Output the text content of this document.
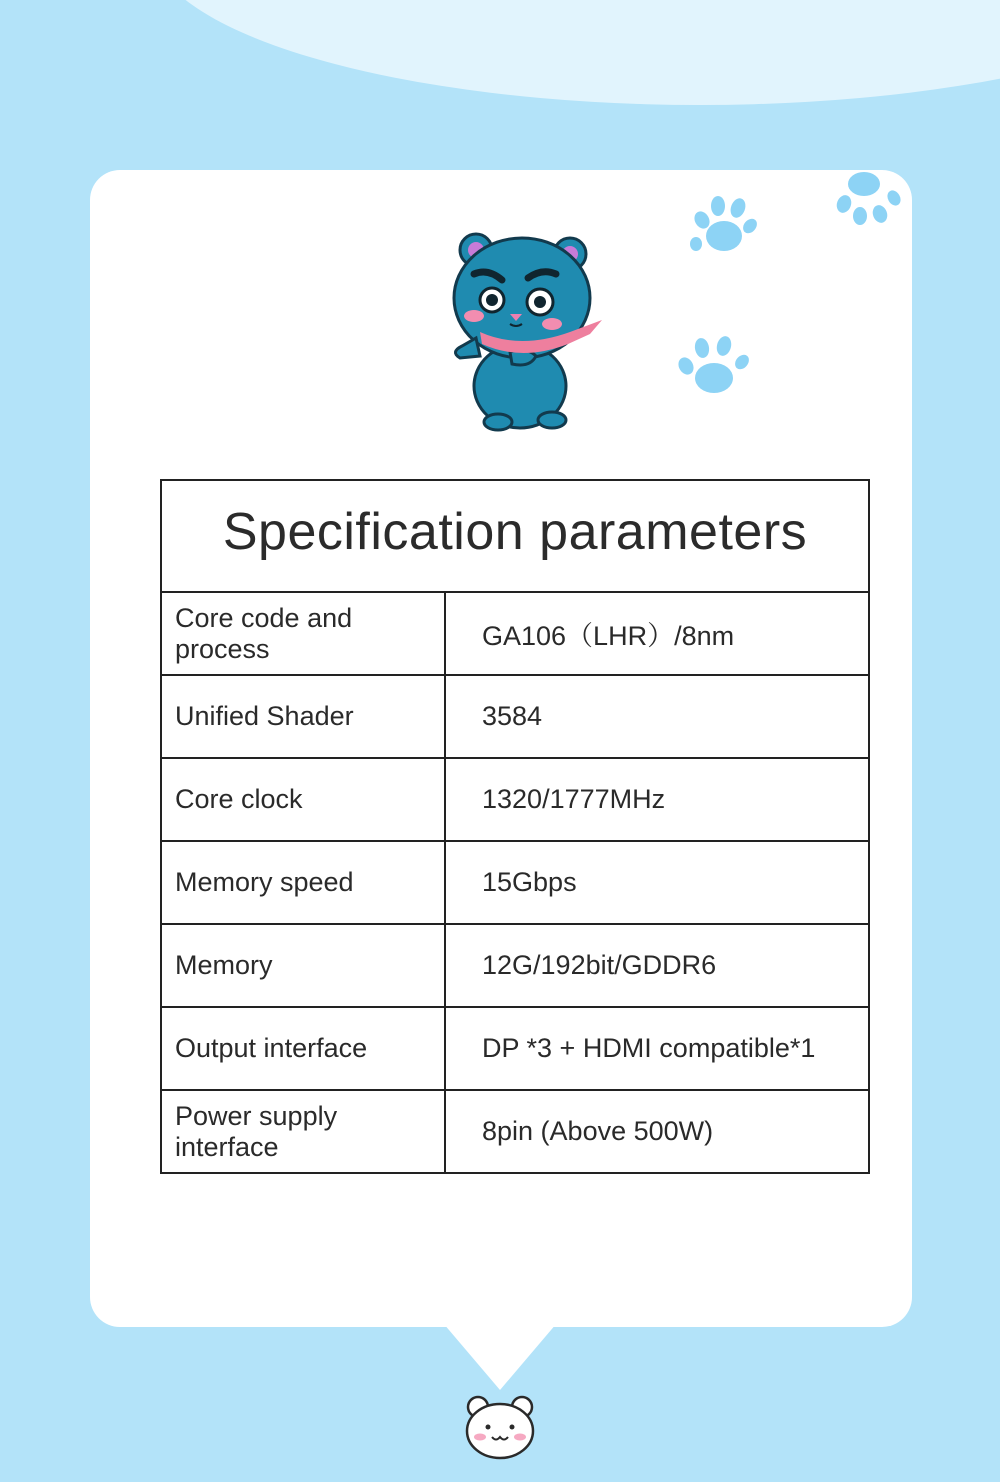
Specification parameters	
Core code and process	GA106（LHR）/8nm
Unified Shader	3584
Core clock	1320/1777MHz
Memory speed	15Gbps
Memory	12G/192bit/GDDR6
Output interface	DP *3 + HDMI compatible*1
Power supply interface	8pin (Above 500W)
